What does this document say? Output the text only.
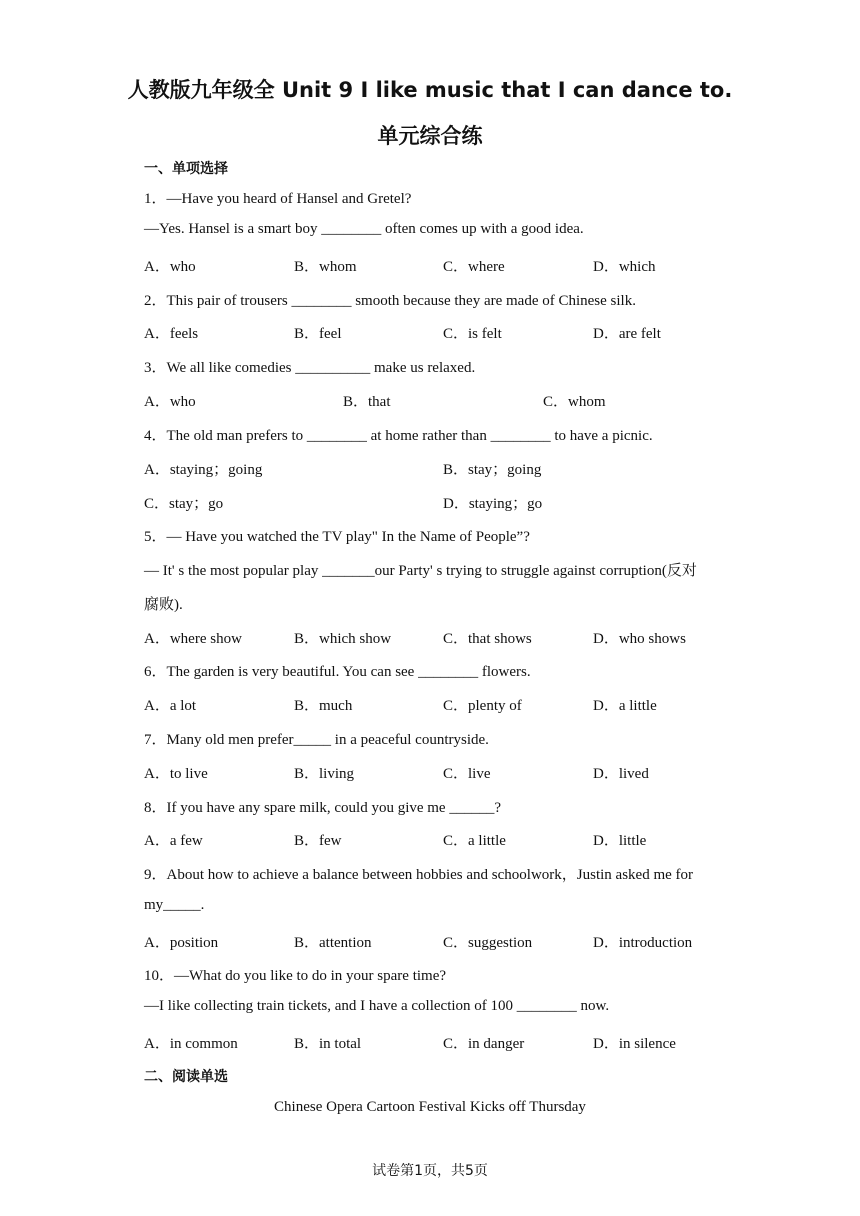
人教版九年级全 Unit 9 I like music that I can dance to.
单元综合练
一、单项选择
1．—Have you heard of Hansel and Gretel?
—Yes. Hansel is a smart boy ________ often comes up with a good idea.
A．who	B．whom	C．where	D．which
2．This pair of trousers ________ smooth because they are made of Chinese silk.
A．feels	B．feel	C．is felt	D．are felt
3．We all like comedies __________ make us relaxed.
A．who	B．that	C．whom
4．The old man prefers to ________ at home rather than ________ to have a picnic.
A．staying；going	B．stay；going
C．stay；go	D．staying；go
5．— Have you watched the TV play" In the Name of People”?
— It' s the most popular play _______our Party' s trying to struggle against corruption(反对
腐败).
A．where show	B．which show	C．that shows	D．who shows
6．The garden is very beautiful. You can see ________ flowers.
A．a lot	B．much	C．plenty of	D．a little
7．Many old men prefer_____ in a peaceful countryside.
A．to live	B．living	C．live	D．lived
8．If you have any spare milk, could you give me ______?
A．a few	B．few	C．a little	D．little
9．About how to achieve a balance between hobbies and schoolwork，Justin asked me for
my_____.
A．position	B．attention	C．suggestion	D．introduction
10．—What do you like to do in your spare time?
—I like collecting train tickets, and I have a collection of 100 ________ now.
A．in common	B．in total	C．in danger	D．in silence
二、阅读单选
Chinese Opera Cartoon Festival Kicks off Thursday
试卷第1页，共5页
